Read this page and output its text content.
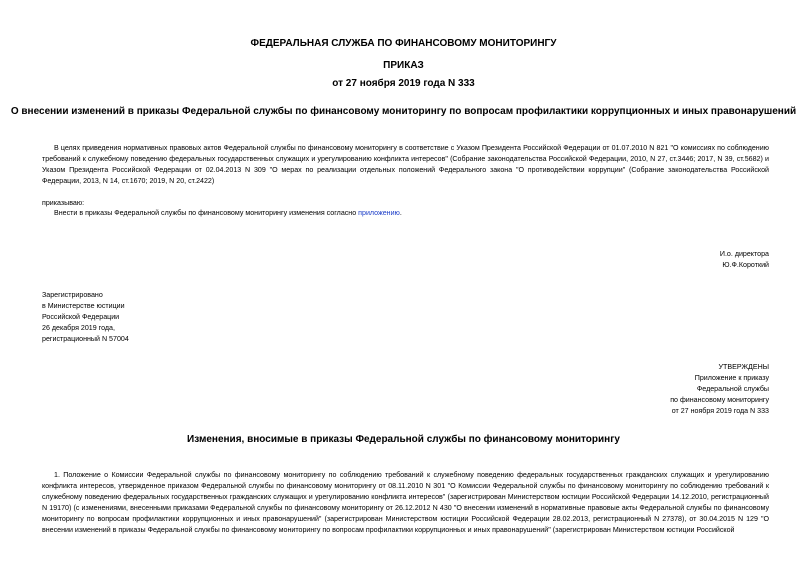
ФЕДЕРАЛЬНАЯ СЛУЖБА ПО ФИНАНСОВОМУ МОНИТОРИНГУ
ПРИКАЗ
от 27 ноября 2019 года N 333
О внесении изменений в приказы Федеральной службы по финансовому мониторингу по вопросам профилактики коррупционных и иных правонарушений
В целях приведения нормативных правовых актов Федеральной службы по финансовому мониторингу в соответствие с Указом Президента Российской Федерации от 01.07.2010 N 821 "О комиссиях по соблюдению требований к служебному поведению федеральных государственных служащих и урегулированию конфликта интересов" (Собрание законодательства Российской Федерации, 2010, N 27, ст.3446; 2017, N 39, ст.5682) и Указом Президента Российской Федерации от 02.04.2013 N 309 "О мерах по реализации отдельных положений Федерального закона "О противодействии коррупции" (Собрание законодательства Российской Федерации, 2013, N 14, ст.1670; 2019, N 20, ст.2422)
приказываю:
Внести в приказы Федеральной службы по финансовому мониторингу изменения согласно приложению.
И.о. директора
Ю.Ф.Короткий
Зарегистрировано
в Министерстве юстиции
Российской Федерации
26 декабря 2019 года,
регистрационный N 57004
УТВЕРЖДЕНЫ
Приложение к приказу
Федеральной службы
по финансовому мониторингу
от 27 ноября 2019 года N 333
Изменения, вносимые в приказы Федеральной службы по финансовому мониторингу
1. Положение о Комиссии Федеральной службы по финансовому мониторингу по соблюдению требований к служебному поведению федеральных государственных гражданских служащих и урегулированию конфликта интересов, утвержденное приказом Федеральной службы по финансовому мониторингу от 08.11.2010 N 301 "О Комиссии Федеральной службы по финансовому мониторингу по соблюдению требований к служебному поведению федеральных государственных гражданских служащих и урегулированию конфликта интересов" (зарегистрирован Министерством юстиции Российской Федерации 14.12.2010, регистрационный N 19170) (с изменениями, внесенными приказами Федеральной службы по финансовому мониторингу от 26.12.2012 N 430 "О внесении изменений в нормативные правовые акты Федеральной службы по финансовому мониторингу по вопросам профилактики коррупционных и иных правонарушений" (зарегистрирован Министерством юстиции Российской Федерации 28.02.2013, регистрационный N 27378), от 30.04.2015 N 129 "О внесении изменений в приказы Федеральной службы по финансовому мониторингу по вопросам профилактики коррупционных и иных правонарушений" (зарегистрирован Министерством юстиции Российской
